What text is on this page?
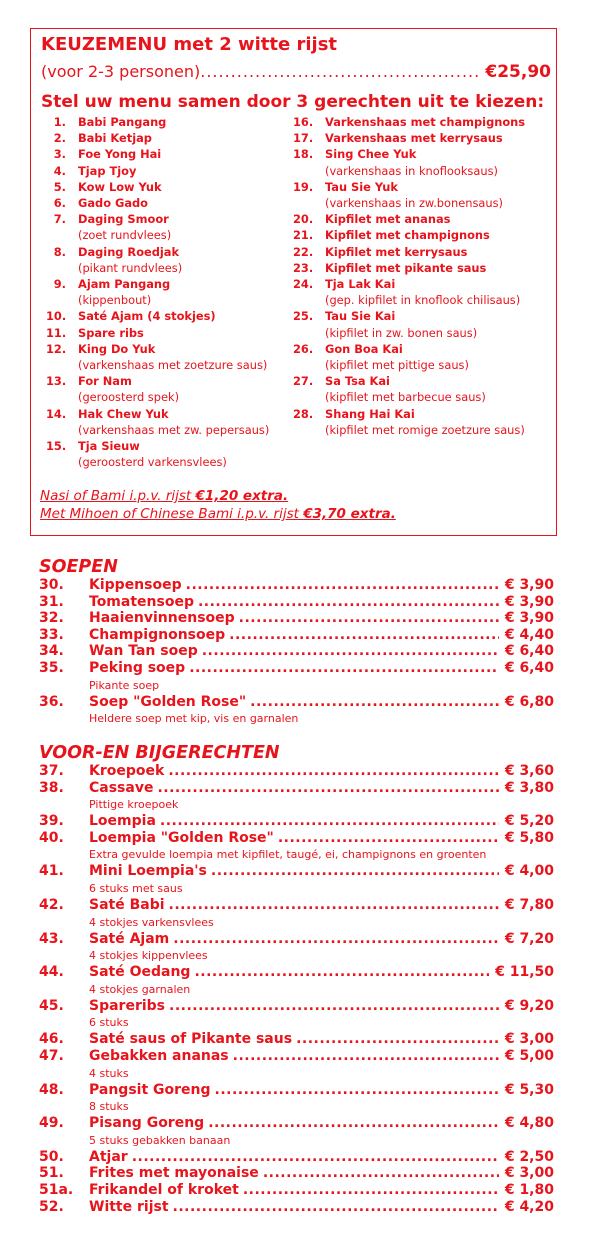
KEUZEMENU met 2 witte rijst
(voor 2-3 personen) .....	€25,90
Stel uw menu samen door 3 gerechten uit te kiezen:
1.	Babi Pangang
2.	Babi Ketjap
3.	Foe Yong Hai
4.	Tjap Tjoy
5.	Kow Low Yuk
6.	Gado Gado
7.	Daging Smoor
(zoet rundvlees)
8.	Daging Roedjak
(pikant rundvlees)
9.	Ajam Pangang
(kippenbout)
10.	Saté Ajam (4 stokjes)
11.	Spare ribs
12.	King Do Yuk
(varkenshaas met zoetzure saus)
13.	For Nam
(geroosterd spek)
14.	Hak Chew Yuk
(varkenshaas met zw. pepersaus)
15.	Tja Sieuw
(geroosterd varkensvlees)
16.	Varkenshaas met champignons
17.	Varkenshaas met kerrysaus
18.	Sing Chee Yuk
(varkenshaas in knoflooksaus)
19.	Tau Sie Yuk
(varkenshaas in zw.bonensaus)
20.	Kipfilet met ananas
21.	Kipfilet met champignons
22.	Kipfilet met kerrysaus
23.	Kipfilet met pikante saus
24.	Tja Lak Kai
(gep. kipfilet in knoflook chilisaus)
25.	Tau Sie Kai
(kipfilet in zw. bonen saus)
26.	Gon Boa Kai
(kipfilet met pittige saus)
27.	Sa Tsa Kai
(kipfilet met barbecue saus)
28.	Shang Hai Kai
(kipfilet met romige zoetzure saus)
Nasi of Bami i.p.v. rijst €1,20 extra.
Met Mihoen of Chinese Bami i.p.v. rijst €3,70 extra.
SOEPEN
30.	Kippensoep .....	€ 3,90
31.	Tomatensoep .....	€ 3,90
32.	Haaienvinnensoep .....	€ 3,90
33.	Champignonsoep .....	€ 4,40
34.	Wan Tan soep .....	€ 6,40
35.	Peking soep .....	€ 6,40
Pikante soep
36.	Soep "Golden Rose" .....	€ 6,80
Heldere soep met kip, vis en garnalen
VOOR-EN BIJGERECHTEN
37.	Kroepoek .....	€ 3,60
38.	Cassave .....	€ 3,80
Pittige kroepoek
39.	Loempia .....	€ 5,20
40.	Loempia "Golden Rose" .....	€ 5,80
Extra gevulde loempia met kipfilet, taugé, ei, champignons en groenten
41.	Mini Loempia's .....	€ 4,00
6 stuks met saus
42.	Saté Babi .....	€ 7,80
4 stokjes varkensvlees
43.	Saté Ajam .....	€ 7,20
4 stokjes kippenvlees
44.	Saté Oedang .....	€ 11,50
4 stokjes garnalen
45.	Spareribs .....	€ 9,20
6 stuks
46.	Saté saus of Pikante saus .....	€ 3,00
47.	Gebakken ananas .....	€ 5,00
4 stuks
48.	Pangsit Goreng .....	€ 5,30
8 stuks
49.	Pisang Goreng .....	€ 4,80
5 stuks gebakken banaan
50.	Atjar .....	€ 2,50
51.	Frites met mayonaise .....	€ 3,00
51a.	Frikandel of kroket .....	€ 1,80
52.	Witte rijst .....	€ 4,20
